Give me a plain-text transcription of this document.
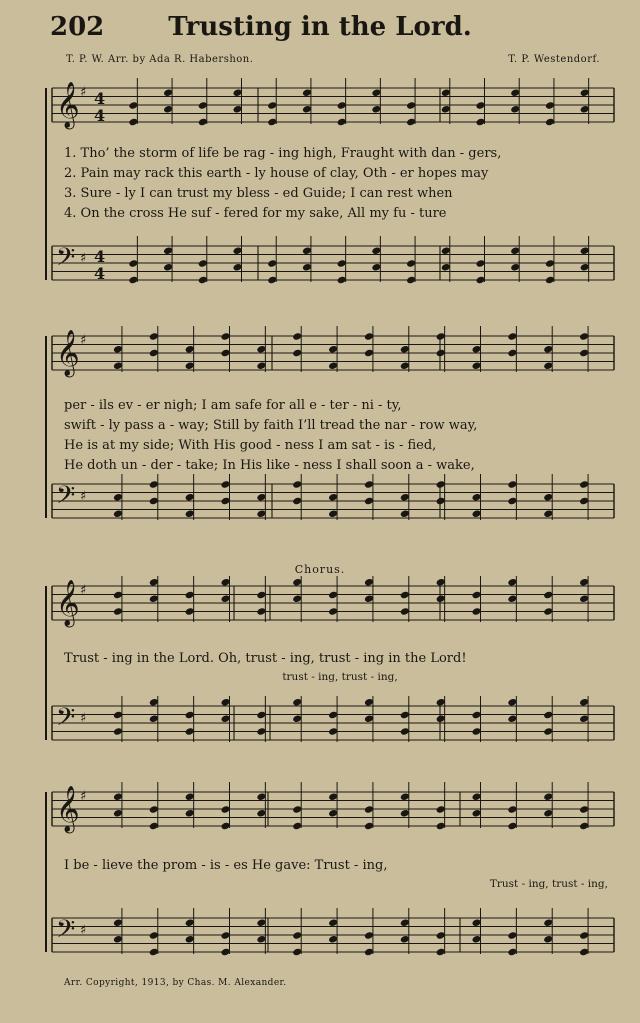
202	Trusting in the Lord.
T. P. W. Arr. by Ada R. Habershon.	T. P. Westendorf.
𝄞 ♯ 4
4
𝄢 ♯ 4
4
𝄞 ♯
𝄢 ♯
𝄞 ♯
𝄢 ♯
𝄞 ♯
𝄢 ♯
1. Tho’ the storm of life be rag - ing high, Fraught with dan - gers,
2. Pain may rack this earth - ly house of clay, Oth - er hopes may
3. Sure - ly I can trust my bless - ed Guide; I can rest when
4. On the cross He suf - fered for my sake, All my fu - ture
per - ils ev - er nigh; I am safe for all e - ter - ni - ty,
swift - ly pass a - way; Still by faith I’ll tread the nar - row way,
He is at my side; With His good - ness I am sat - is - fied,
He doth un - der - take; In His like - ness I shall soon a - wake,
Chorus.
Trust - ing in the Lord. Oh, trust - ing, trust - ing in the Lord!
trust - ing, trust - ing,
I be - lieve the prom - is - es He gave: Trust - ing,
Trust - ing, trust - ing,
Arr. Copyright, 1913, by Chas. M. Alexander.
